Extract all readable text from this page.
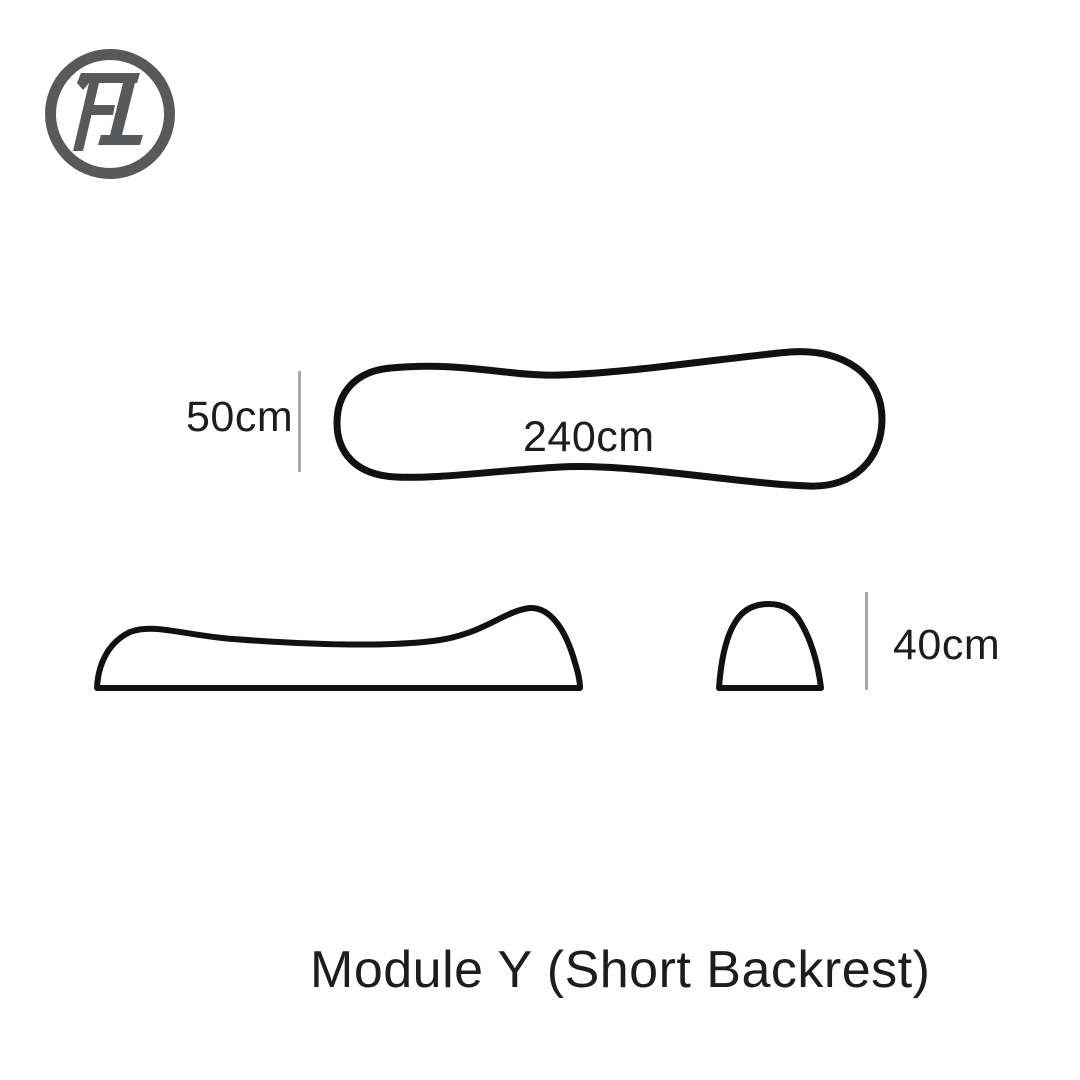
50cm	240cm
40cm
Module Y (Short Backrest)
